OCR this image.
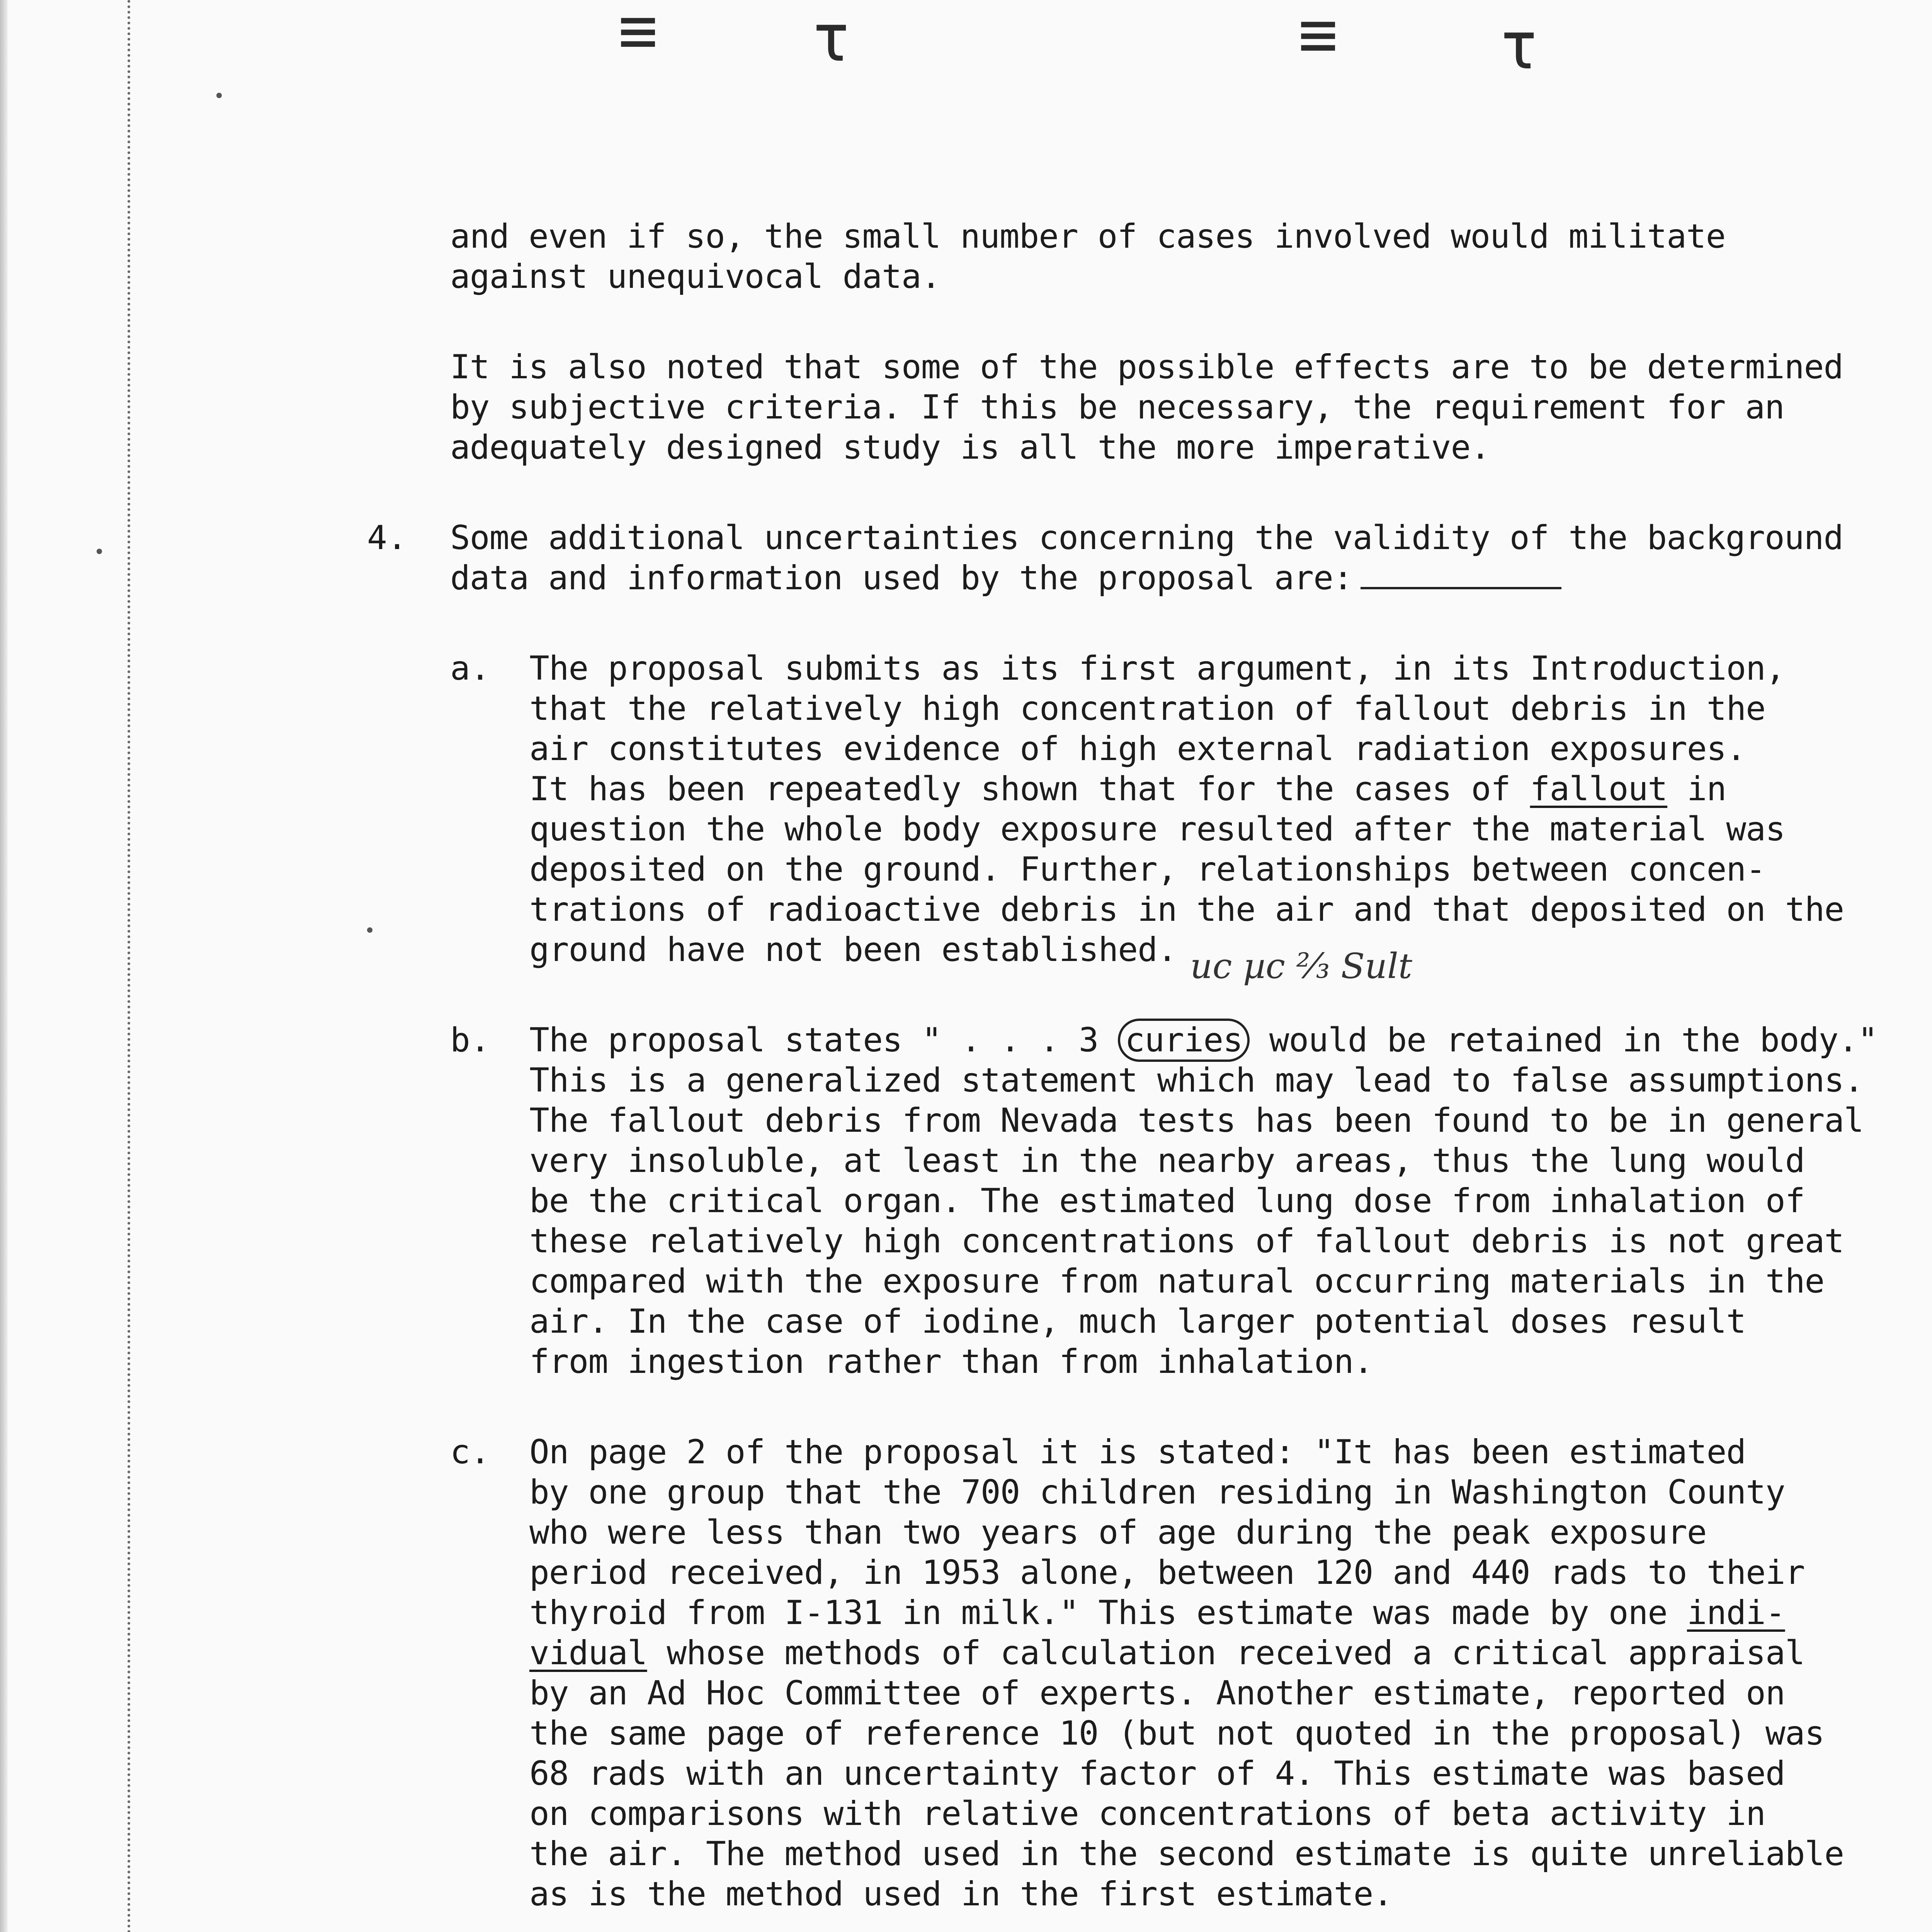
≡ τ	≡ τ
and even if so, the small number of cases involved would militate
against unequivocal data.
It is also noted that some of the possible effects are to be determined
by subjective criteria. If this be necessary, the requirement for an
adequately designed study is all the more imperative.
4. Some additional uncertainties concerning the validity of the background
data and information used by the proposal are:
a. The proposal submits as its first argument, in its Introduction,
that the relatively high concentration of fallout debris in the
air constitutes evidence of high external radiation exposures.
It has been repeatedly shown that for the cases of fallout in
question the whole body exposure resulted after the material was
deposited on the ground. Further, relationships between concen-
trations of radioactive debris in the air and that deposited on the
ground have not been established. uc µc ⅔ Sult
b. The proposal states " . . . 3 curies would be retained in the body."
This is a generalized statement which may lead to false assumptions.
The fallout debris from Nevada tests has been found to be in general
very insoluble, at least in the nearby areas, thus the lung would
be the critical organ. The estimated lung dose from inhalation of
these relatively high concentrations of fallout debris is not great
compared with the exposure from natural occurring materials in the
air. In the case of iodine, much larger potential doses result
from ingestion rather than from inhalation.
c. On page 2 of the proposal it is stated: "It has been estimated
by one group that the 700 children residing in Washington County
who were less than two years of age during the peak exposure
period received, in 1953 alone, between 120 and 440 rads to their
thyroid from I-131 in milk." This estimate was made by one indi-
vidual whose methods of calculation received a critical appraisal
by an Ad Hoc Committee of experts. Another estimate, reported on
the same page of reference 10 (but not quoted in the proposal) was
68 rads with an uncertainty factor of 4. This estimate was based
on comparisons with relative concentrations of beta activity in
the air. The method used in the second estimate is quite unreliable
as is the method used in the first estimate.
